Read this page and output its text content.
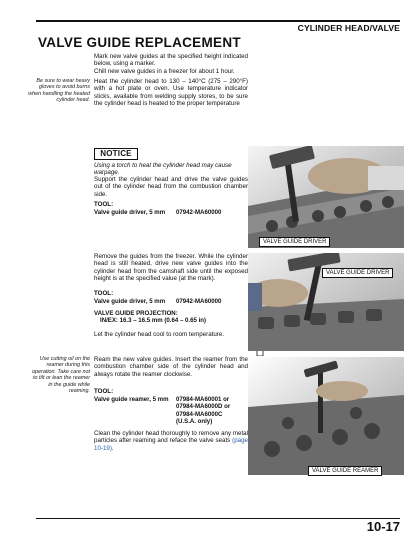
CYLINDER HEAD/VALVE
VALVE GUIDE REPLACEMENT
Mark new valve guides at the specified height indicated below, using a marker.
Chill new valve guides in a freezer for about 1 hour.
Be sure to wear heavy gloves to avoid burns when handling the heated cylinder head.
Heat the cylinder head to 130 – 140°C (275 – 290°F) with a hot plate or oven. Use temperature indicator sticks, available from welding supply stores, to be sure the cylinder head is heated to the proper temperature
NOTICE
Using a torch to heat the cylinder head may cause warpage.
Support the cylinder head and drive the valve guides out of the cylinder head from the combustion chamber side.
TOOL:
Valve guide driver, 5 mm 07942-MA60000
VALVE GUIDE DRIVER
Remove the guides from the freezer. While the cylinder head is still heated, drive new valve guides into the cylinder head from the camshaft side until the exposed height is at the specified value (at the mark).
TOOL:
Valve guide driver, 5 mm 07942-MA60000
VALVE GUIDE PROJECTION:
IN/EX: 16.3 – 16.5 mm (0.64 – 0.65 in)
Let the cylinder head cool to room temperature.
VALVE GUIDE DRIVER
Use cutting oil on the reamer during this operation. Take care not to tilt or lean the reamer in the guide while reaming.
Ream the new valve guides. Insert the reamer from the combustion chamber side of the cylinder head and always rotate the reamer clockwise.
TOOL:
Valve guide reamer, 5 mm 07984-MA60001 or
07984-MA6000D or
07984-MA6000C
(U.S.A. only)
Clean the cylinder head thoroughly to remove any metal particles after reaming and reface the valve seats (page 10-19).
VALVE GUIDE REAMER
10-17
